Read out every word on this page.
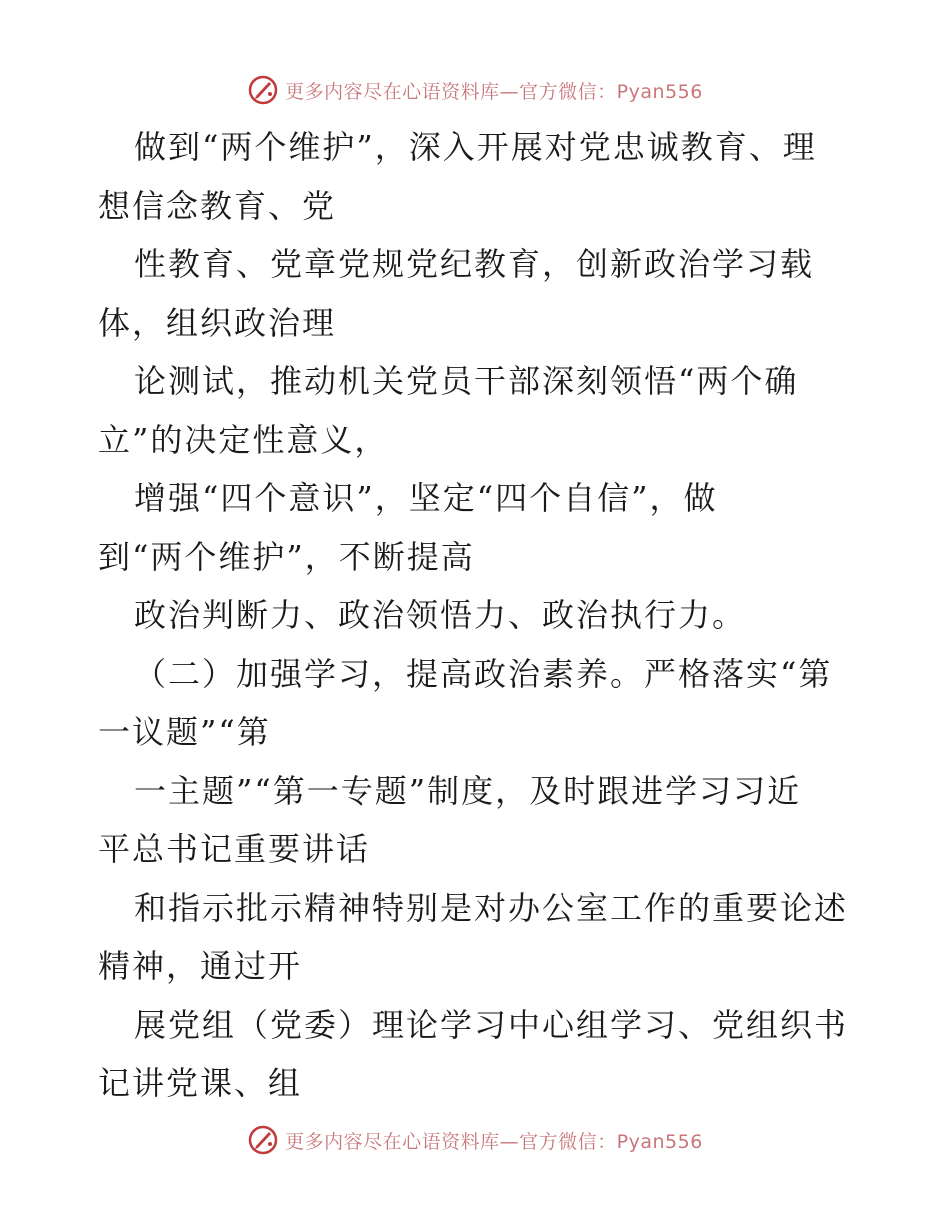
更多内容尽在心语资料库—官方微信：Pyan556
做到“两个维护”，深入开展对党忠诚教育、理
想信念教育、党
性教育、党章党规党纪教育，创新政治学习载
体，组织政治理
论测试，推动机关党员干部深刻领悟“两个确
立”的决定性意义，
增强“四个意识”，坚定“四个自信”，做
到“两个维护”，不断提高
政治判断力、政治领悟力、政治执行力。
（二）加强学习，提高政治素养。严格落实“第
一议题”“第
一主题”“第一专题”制度，及时跟进学习习近
平总书记重要讲话
和指示批示精神特别是对办公室工作的重要论述
精神，通过开
展党组（党委）理论学习中心组学习、党组织书
记讲党课、组
更多内容尽在心语资料库—官方微信：Pyan556
